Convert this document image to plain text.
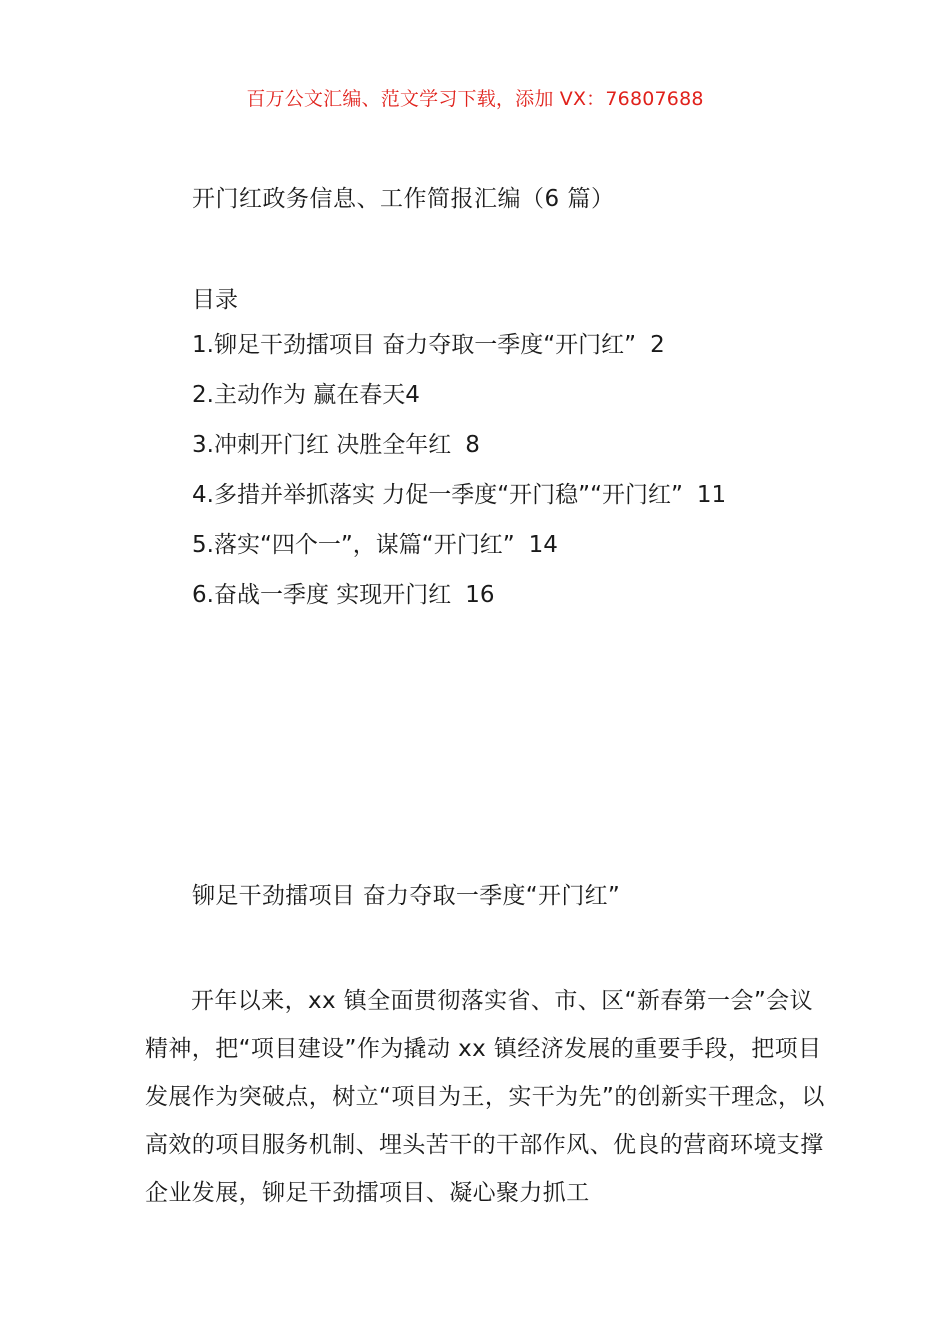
百万公文汇编、范文学习下载，添加 VX：76807688
开门红政务信息、工作简报汇编（6 篇）
目录
1.铆足干劲擂项目 奋力夺取一季度“开门红” 2
2.主动作为 赢在春天4
3.冲刺开门红 决胜全年红 8
4.多措并举抓落实 力促一季度“开门稳”“开门红” 11
5.落实“四个一”，谋篇“开门红” 14
6.奋战一季度 实现开门红 16
铆足干劲擂项目 奋力夺取一季度“开门红”

开年以来，xx 镇全面贯彻落实省、市、区“新春第一会”会议精神，把“项目建设”作为撬动 xx 镇经济发展的重要手段，把项目发展作为突破点，树立“项目为王，实干为先”的创新实干理念，以高效的项目服务机制、埋头苦干的干部作风、优良的营商环境支撑企业发展，铆足干劲擂项目、凝心聚力抓工
